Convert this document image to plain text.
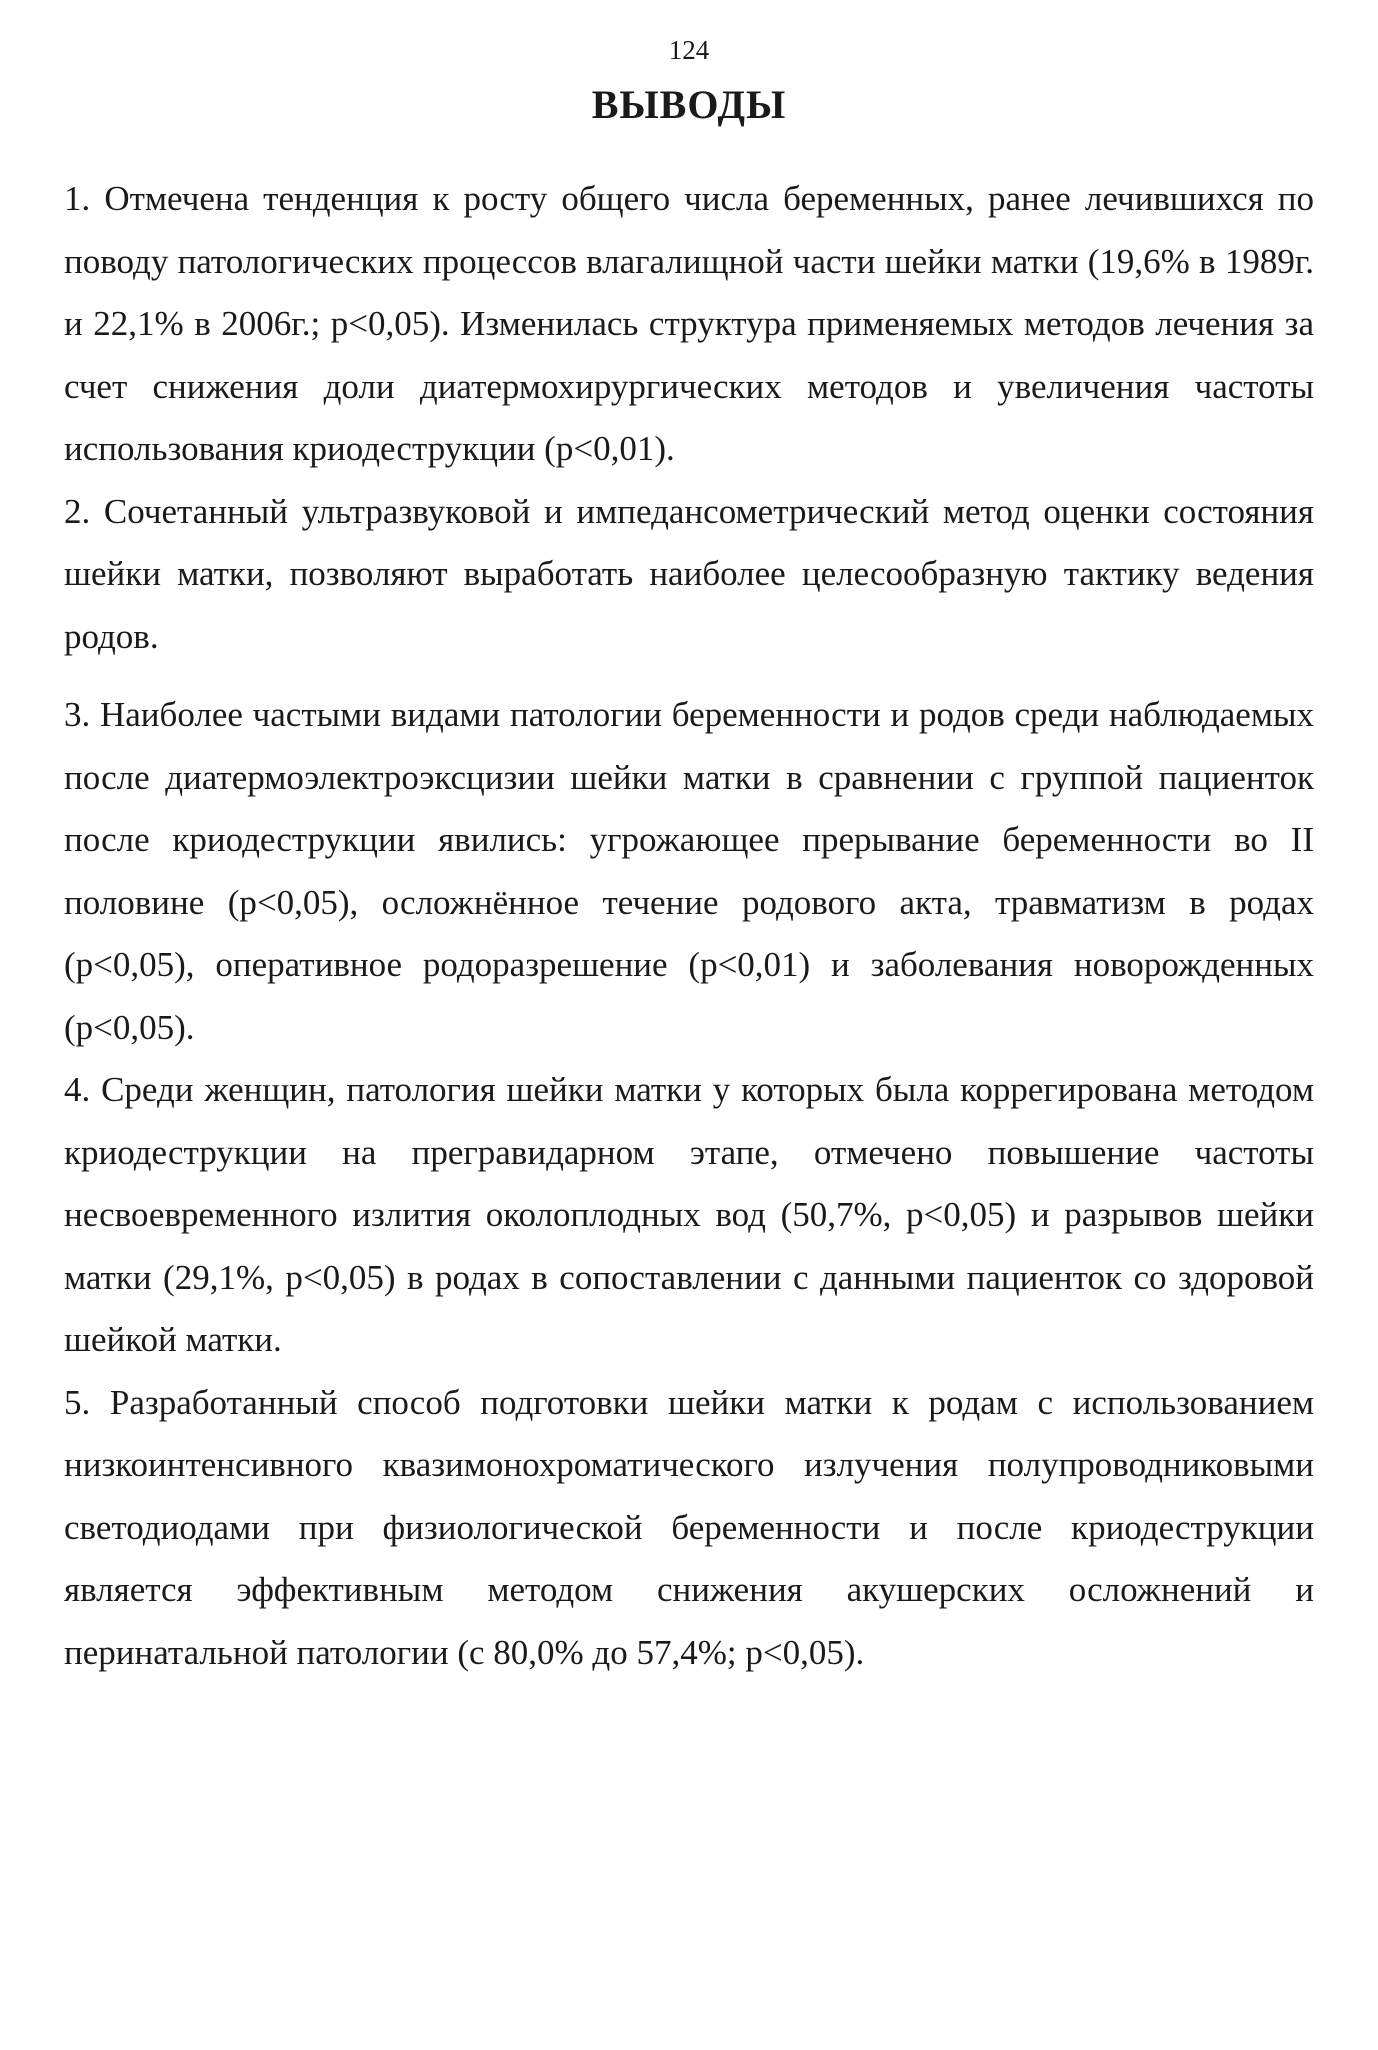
124
ВЫВОДЫ

1. Отмечена тенденция к росту общего числа беременных, ранее лечившихся по поводу патологических процессов влагалищной части шейки матки (19,6% в 1989г. и 22,1% в 2006г.; p<0,05). Изменилась структура применяемых методов лечения за счет снижения доли диатермохирургических методов и увеличения частоты использования криодеструкции (p<0,01).

2. Сочетанный ультразвуковой и импедансометрический метод оценки состояния шейки матки, позволяют выработать наиболее целесообразную тактику ведения родов.

3. Наиболее частыми видами патологии беременности и родов среди наблюдаемых после диатермоэлектроэксцизии шейки матки в сравнении с группой пациенток после криодеструкции явились: угрожающее прерывание беременности во II половине (p<0,05), осложнённое течение родового акта, травматизм в родах (p<0,05), оперативное родоразрешение (p<0,01) и заболевания новорожденных (p<0,05).

4. Среди женщин, патология шейки матки у которых была коррегирована методом криодеструкции на прегравидарном этапе, отмечено повышение частоты несвоевременного излития околоплодных вод (50,7%, p<0,05) и разрывов шейки матки (29,1%, p<0,05) в родах в сопоставлении с данными пациенток со здоровой шейкой матки.

5. Разработанный способ подготовки шейки матки к родам с использованием низкоинтенсивного квазимонохроматического излучения полупроводниковыми светодиодами при физиологической беременности и после криодеструкции является эффективным методом снижения акушерских осложнений и перинатальной патологии (с 80,0% до 57,4%; p<0,05).
